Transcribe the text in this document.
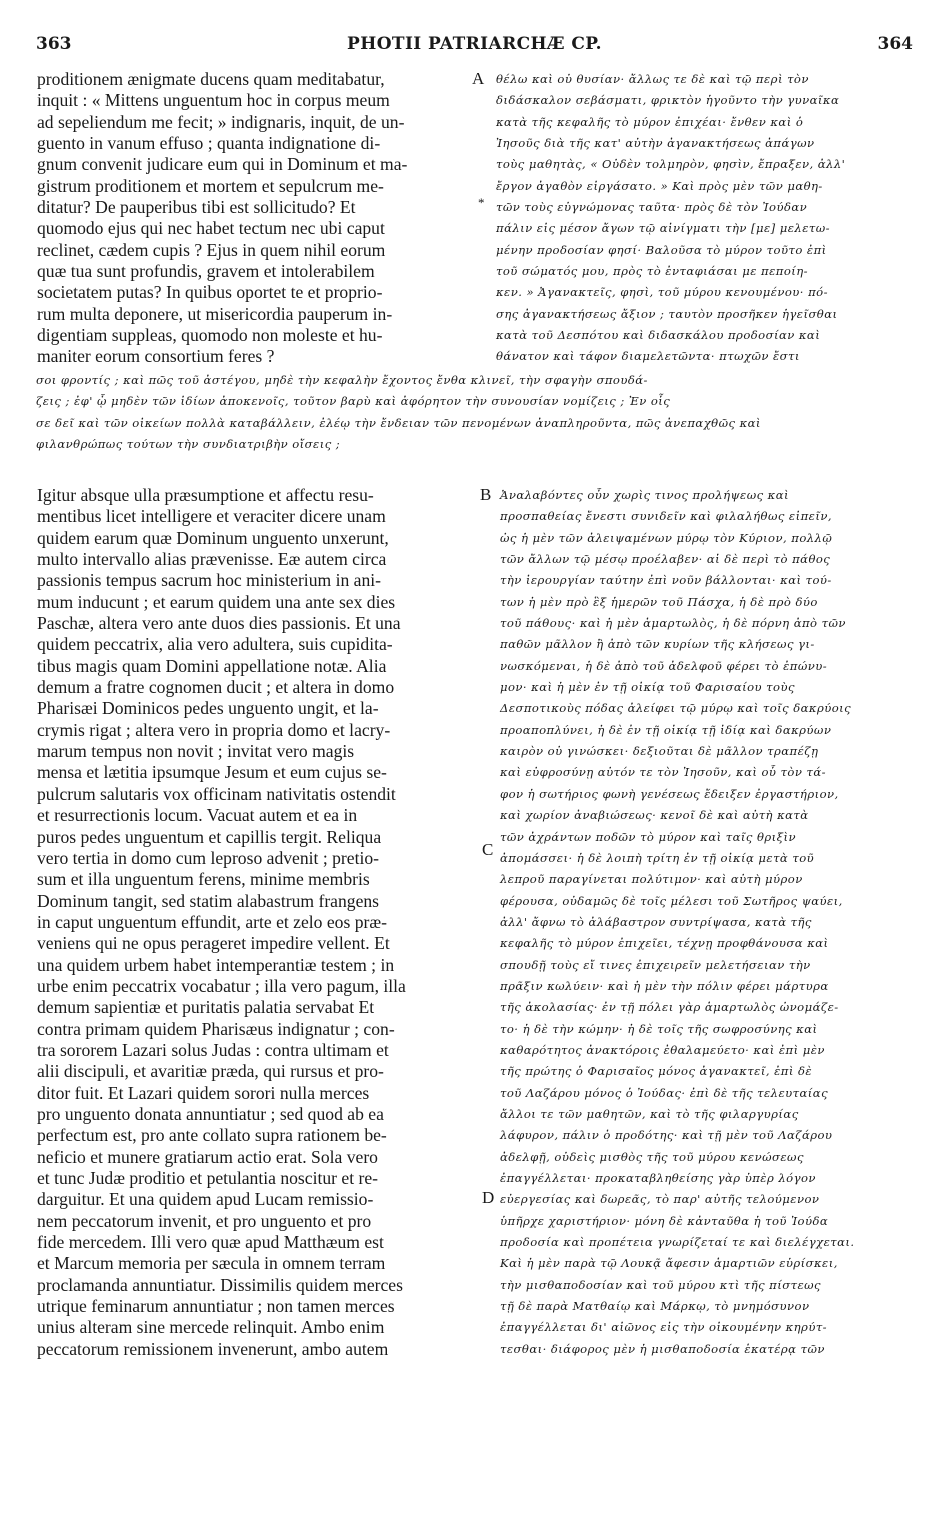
363	PHOTII PATRIARCHÆ CP.	364
proditionem ænigmate ducens quam meditabatur,
inquit : « Mittens unguentum hoc in corpus meum
ad sepeliendum me fecit; » indignaris, inquit, de un-
guento in vanum effuso ; quanta indignatione di-
gnum convenit judicare eum qui in Dominum et ma-
gistrum proditionem et mortem et sepulcrum me-
ditatur? De pauperibus tibi est sollicitudo? Et
quomodo ejus qui nec habet tectum nec ubi caput
reclinet, cædem cupis ? Ejus in quem nihil eorum
quæ tua sunt profundis, gravem et intolerabilem
societatem putas? In quibus oportet te et proprio-
rum multa deponere, ut misericordia pauperum in-
digentiam suppleas, quomodo non moleste et hu-
maniter eorum consortium feres ?
A θέλω καὶ οὐ θυσίαν· ἄλλως τε δὲ καὶ τῷ περὶ τὸν
διδάσκαλον σεβάσματι, φρικτὸν ἡγοῦντο τὴν γυναῖκα
κατὰ τῆς κεφαλῆς τὸ μύρον ἐπιχέαι· ἔνθεν καὶ ὁ
Ἰησοῦς διὰ τῆς κατ' αὐτὴν ἀγανακτήσεως ἀπάγων
τοὺς μαθητὰς, « Οὐδὲν τολμηρὸν, φησὶν, ἔπραξεν, ἀλλ'
ἔργον ἀγαθὸν εἰργάσατο. » Καὶ πρὸς μὲν τῶν μαθη-
τῶν τοὺς εὐγνώμονας ταῦτα· πρὸς δὲ τὸν Ἰούδαν
πάλιν εἰς μέσον ἄγων τῷ αἰνίγματι τὴν [με] μελετω-
μένην προδοσίαν φησί· Βαλοῦσα τὸ μύρον τοῦτο ἐπὶ
τοῦ σώματός μου, πρὸς τὸ ἐνταφιάσαι με πεποίη-
κεν. » Ἀγανακτεῖς, φησὶ, τοῦ μύρου κενουμένου· πό-
σης ἀγανακτήσεως ἄξιον ; ταυτὸν προσῆκεν ἡγεῖσθαι
κατὰ τοῦ Δεσπότου καὶ διδασκάλου προδοσίαν καὶ
θάνατον καὶ τάφον διαμελετῶντα· πτωχῶν ἔστι
*
σοι φροντίς ; καὶ πῶς τοῦ ἀστέγου, μηδὲ τὴν κεφαλὴν ἔχοντος ἔνθα κλινεῖ, τὴν σφαγὴν σπουδά-
ζεις ; ἐφ' ᾧ μηδὲν τῶν ἰδίων ἀποκενοῖς, τοῦτον βαρὺ καὶ ἀφόρητον τὴν συνουσίαν νομίζεις ; Ἐν οἷς
σε δεῖ καὶ τῶν οἰκείων πολλὰ καταβάλλειν, ἐλέῳ τὴν ἔνδειαν τῶν πενομένων ἀναπληροῦντα, πῶς ἀνεπαχθῶς καὶ
φιλανθρώπως τούτων τὴν συνδιατριβὴν οἴσεις ;
Igitur absque ulla præsumptione et affectu resu-
mentibus licet intelligere et veraciter dicere unam
quidem earum quæ Dominum unguento unxerunt,
multo intervallo alias prævenisse. Eæ autem circa
passionis tempus sacrum hoc ministerium in ani-
mum inducunt ; et earum quidem una ante sex dies
Paschæ, altera vero ante duos dies passionis. Et una
quidem peccatrix, alia vero adultera, suis cupidita-
tibus magis quam Domini appellatione notæ. Alia
demum a fratre cognomen ducit ; et altera in domo
Pharisæi Dominicos pedes unguento ungit, et la-
crymis rigat ; altera vero in propria domo et lacry-
marum tempus non novit ; invitat vero magis
mensa et lætitia ipsumque Jesum et eum cujus se-
pulcrum salutaris vox officinam nativitatis ostendit
et resurrectionis locum. Vacuat autem et ea in
puros pedes unguentum et capillis tergit. Reliqua
vero tertia in domo cum leproso advenit ; pretio-
sum et illa unguentum ferens, minime membris
Dominum tangit, sed statim alabastrum frangens
in caput unguentum effundit, arte et zelo eos præ-
veniens qui ne opus perageret impedire vellent. Et
una quidem urbem habet intemperantiæ testem ; in
urbe enim peccatrix vocabatur ; illa vero pagum, illa
demum sapientiæ et puritatis palatia servabat Et
contra primam quidem Pharisæus indignatur ; con-
tra sororem Lazari solus Judas : contra ultimam et
alii discipuli, et avaritiæ præda, qui rursus et pro-
ditor fuit. Et Lazari quidem sorori nulla merces
pro unguento donata annuntiatur ; sed quod ab ea
perfectum est, pro ante collato supra rationem be-
neficio et munere gratiarum actio erat. Sola vero
et tunc Judæ proditio et petulantia noscitur et re-
darguitur. Et una quidem apud Lucam remissio-
nem peccatorum invenit, et pro unguento et pro
fide mercedem. Illi vero quæ apud Matthæum est
et Marcum memoria per sæcula in omnem terram
proclamanda annuntiatur. Dissimilis quidem merces
utrique feminarum annuntiatur ; non tamen merces
unius alteram sine mercede relinquit. Ambo enim
peccatorum remissionem invenerunt, ambo autem
B
C
D
Ἀναλαβόντες οὖν χωρὶς τινος προλήψεως καὶ
προσπαθείας ἔνεστι συνιδεῖν καὶ φιλαλήθως εἰπεῖν,
ὡς ἡ μὲν τῶν ἀλειψαμένων μύρῳ τὸν Κύριον, πολλῷ
τῶν ἄλλων τῷ μέσῳ προέλαβεν· αἱ δὲ περὶ τὸ πάθος
τὴν ἱερουργίαν ταύτην ἐπὶ νοῦν βάλλονται· καὶ τού-
των ἡ μὲν πρὸ ἓξ ἡμερῶν τοῦ Πάσχα, ἡ δὲ πρὸ δύο
τοῦ πάθους· καὶ ἡ μὲν ἁμαρτωλὸς, ἡ δὲ πόρνη ἀπὸ τῶν
παθῶν μᾶλλον ἢ ἀπὸ τῶν κυρίων τῆς κλήσεως γι-
νωσκόμεναι, ἡ δὲ ἀπὸ τοῦ ἀδελφοῦ φέρει τὸ ἐπώνυ-
μον· καὶ ἡ μὲν ἐν τῇ οἰκίᾳ τοῦ Φαρισαίου τοὺς
Δεσποτικοὺς πόδας ἀλείφει τῷ μύρῳ καὶ τοῖς δακρύοις
προαποπλύνει, ἡ δὲ ἐν τῇ οἰκίᾳ τῇ ἰδίᾳ καὶ δακρύων
καιρὸν οὐ γινώσκει· δεξιοῦται δὲ μᾶλλον τραπέζῃ
καὶ εὐφροσύνῃ αὐτόν τε τὸν Ἰησοῦν, καὶ οὗ τὸν τά-
φον ἡ σωτήριος φωνὴ γενέσεως ἔδειξεν ἐργαστήριον,
καὶ χωρίον ἀναβιώσεως· κενοῖ δὲ καὶ αὐτὴ κατὰ
τῶν ἀχράντων ποδῶν τὸ μύρον καὶ ταῖς θριξὶν
ἀπομάσσει· ἡ δὲ λοιπὴ τρίτη ἐν τῇ οἰκίᾳ μετὰ τοῦ
λεπροῦ παραγίνεται πολύτιμον· καὶ αὐτὴ μύρον
φέρουσα, οὐδαμῶς δὲ τοῖς μέλεσι τοῦ Σωτῆρος ψαύει,
ἀλλ' ἄφνω τὸ ἀλάβαστρον συντρίψασα, κατὰ τῆς
κεφαλῆς τὸ μύρον ἐπιχεῖει, τέχνῃ προφθάνουσα καὶ
σπουδῇ τοὺς εἴ τινες ἐπιχειρεῖν μελετήσειαν τὴν
πρᾶξιν κωλύειν· καὶ ἡ μὲν τὴν πόλιν φέρει μάρτυρα
τῆς ἀκολασίας· ἐν τῇ πόλει γὰρ ἁμαρτωλὸς ὠνομάζε-
το· ἡ δὲ τὴν κώμην· ἡ δὲ τοῖς τῆς σωφροσύνης καὶ
καθαρότητος ἀνακτόροις ἐθαλαμεύετο· καὶ ἐπὶ μὲν
τῆς πρώτης ὁ Φαρισαῖος μόνος ἀγανακτεῖ, ἐπὶ δὲ
τοῦ Λαζάρου μόνος ὁ Ἰούδας· ἐπὶ δὲ τῆς τελευταίας
ἄλλοι τε τῶν μαθητῶν, καὶ τὸ τῆς φιλαργυρίας
λάφυρον, πάλιν ὁ προδότης· καὶ τῇ μὲν τοῦ Λαζάρου
ἀδελφῇ, οὐδεὶς μισθὸς τῆς τοῦ μύρου κενώσεως
ἐπαγγέλλεται· προκαταβληθείσης γὰρ ὑπὲρ λόγον
εὐεργεσίας καὶ δωρεᾶς, τὸ παρ' αὐτῆς τελούμενον
ὑπῆρχε χαριστήριον· μόνη δὲ κἀνταῦθα ἡ τοῦ Ἰούδα
προδοσία καὶ προπέτεια γνωρίζεταί τε καὶ διελέγχεται.
Καὶ ἡ μὲν παρὰ τῷ Λουκᾷ ἄφεσιν ἁμαρτιῶν εὑρίσκει,
τὴν μισθαποδοσίαν καὶ τοῦ μύρου κτὶ τῆς πίστεως
τῇ δὲ παρὰ Ματθαίῳ καὶ Μάρκῳ, τὸ μνημόσυνον
ἐπαγγέλλεται δι' αἰῶνος εἰς τὴν οἰκουμένην κηρύτ-
τεσθαι· διάφορος μὲν ἡ μισθαποδοσία ἑκατέρᾳ τῶν
